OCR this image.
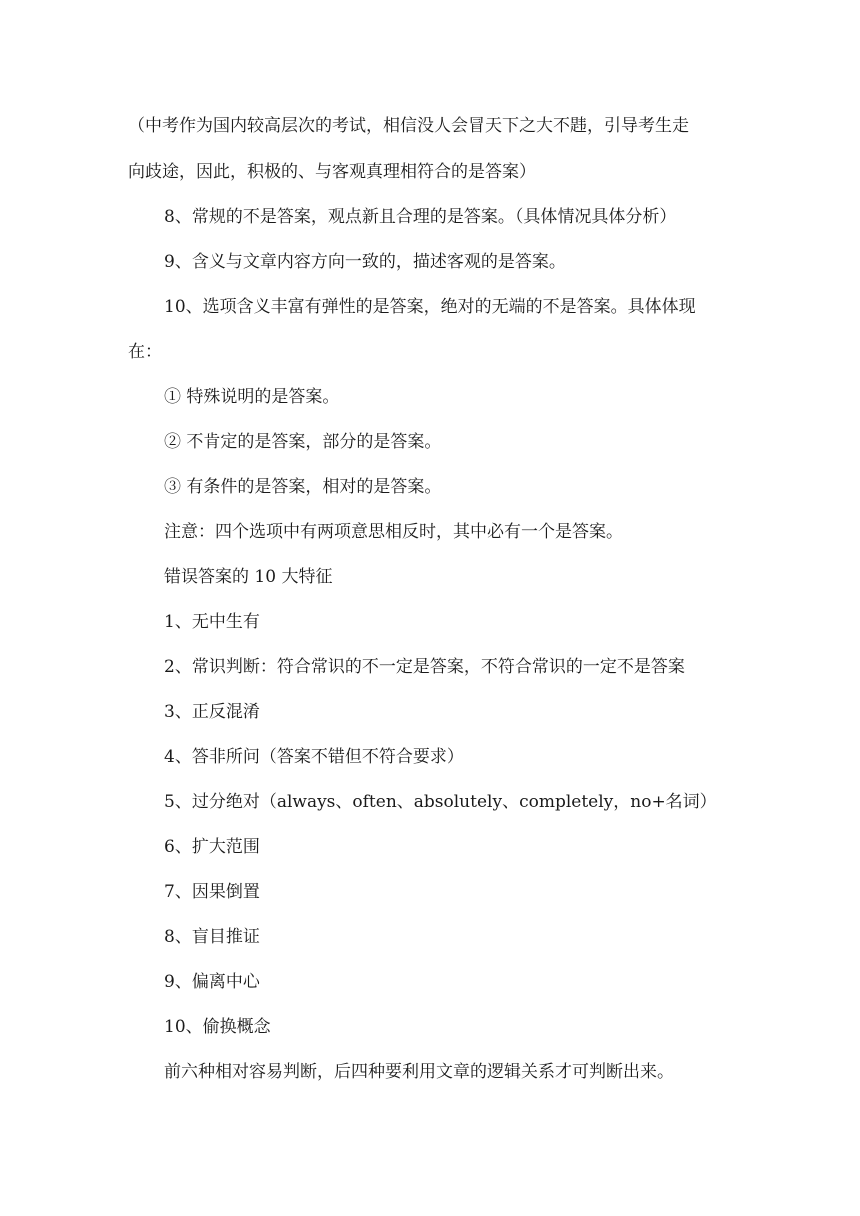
（中考作为国内较高层次的考试，相信没人会冒天下之大不韪，引导考生走
向歧途，因此，积极的、与客观真理相符合的是答案）
8、常规的不是答案，观点新且合理的是答案。（具体情况具体分析）
9、含义与文章内容方向一致的，描述客观的是答案。
10、选项含义丰富有弹性的是答案，绝对的无端的不是答案。具体体现
在：
① 特殊说明的是答案。
② 不肯定的是答案，部分的是答案。
③ 有条件的是答案，相对的是答案。
注意：四个选项中有两项意思相反时，其中必有一个是答案。
错误答案的 10 大特征
1、无中生有
2、常识判断：符合常识的不一定是答案，不符合常识的一定不是答案
3、正反混淆
4、答非所问（答案不错但不符合要求）
5、过分绝对（always、often、absolutely、completely，no+名词）
6、扩大范围
7、因果倒置
8、盲目推证
9、偏离中心
10、偷换概念
前六种相对容易判断，后四种要利用文章的逻辑关系才可判断出来。
